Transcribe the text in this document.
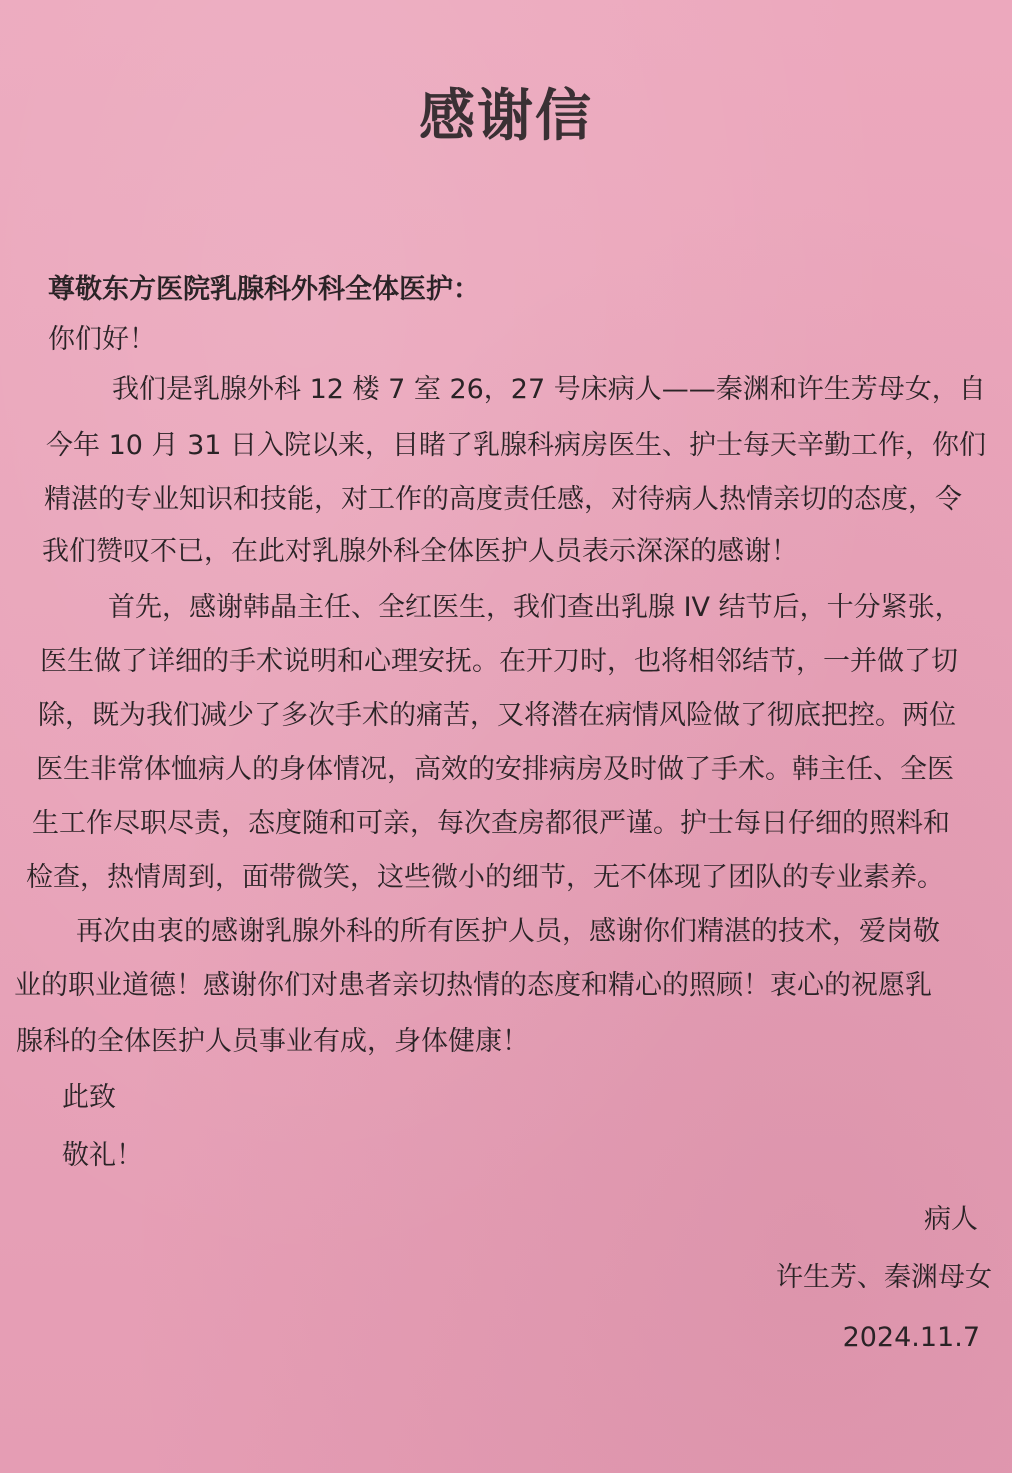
感谢信
尊敬东方医院乳腺科外科全体医护：
你们好！
我们是乳腺外科 12 楼 7 室 26，27 号床病人——秦渊和许生芳母女，自
今年 10 月 31 日入院以来，目睹了乳腺科病房医生、护士每天辛勤工作，你们
精湛的专业知识和技能，对工作的高度责任感，对待病人热情亲切的态度，令
我们赞叹不已，在此对乳腺外科全体医护人员表示深深的感谢！
首先，感谢韩晶主任、全红医生，我们查出乳腺 IV 结节后，十分紧张，
医生做了详细的手术说明和心理安抚。在开刀时，也将相邻结节，一并做了切
除，既为我们减少了多次手术的痛苦，又将潜在病情风险做了彻底把控。两位
医生非常体恤病人的身体情况，高效的安排病房及时做了手术。韩主任、全医
生工作尽职尽责，态度随和可亲，每次查房都很严谨。护士每日仔细的照料和
检查，热情周到，面带微笑，这些微小的细节，无不体现了团队的专业素养。
再次由衷的感谢乳腺外科的所有医护人员，感谢你们精湛的技术，爱岗敬
业的职业道德！感谢你们对患者亲切热情的态度和精心的照顾！衷心的祝愿乳
腺科的全体医护人员事业有成，身体健康！
此致
敬礼！
病人
许生芳、秦渊母女
2024.11.7
